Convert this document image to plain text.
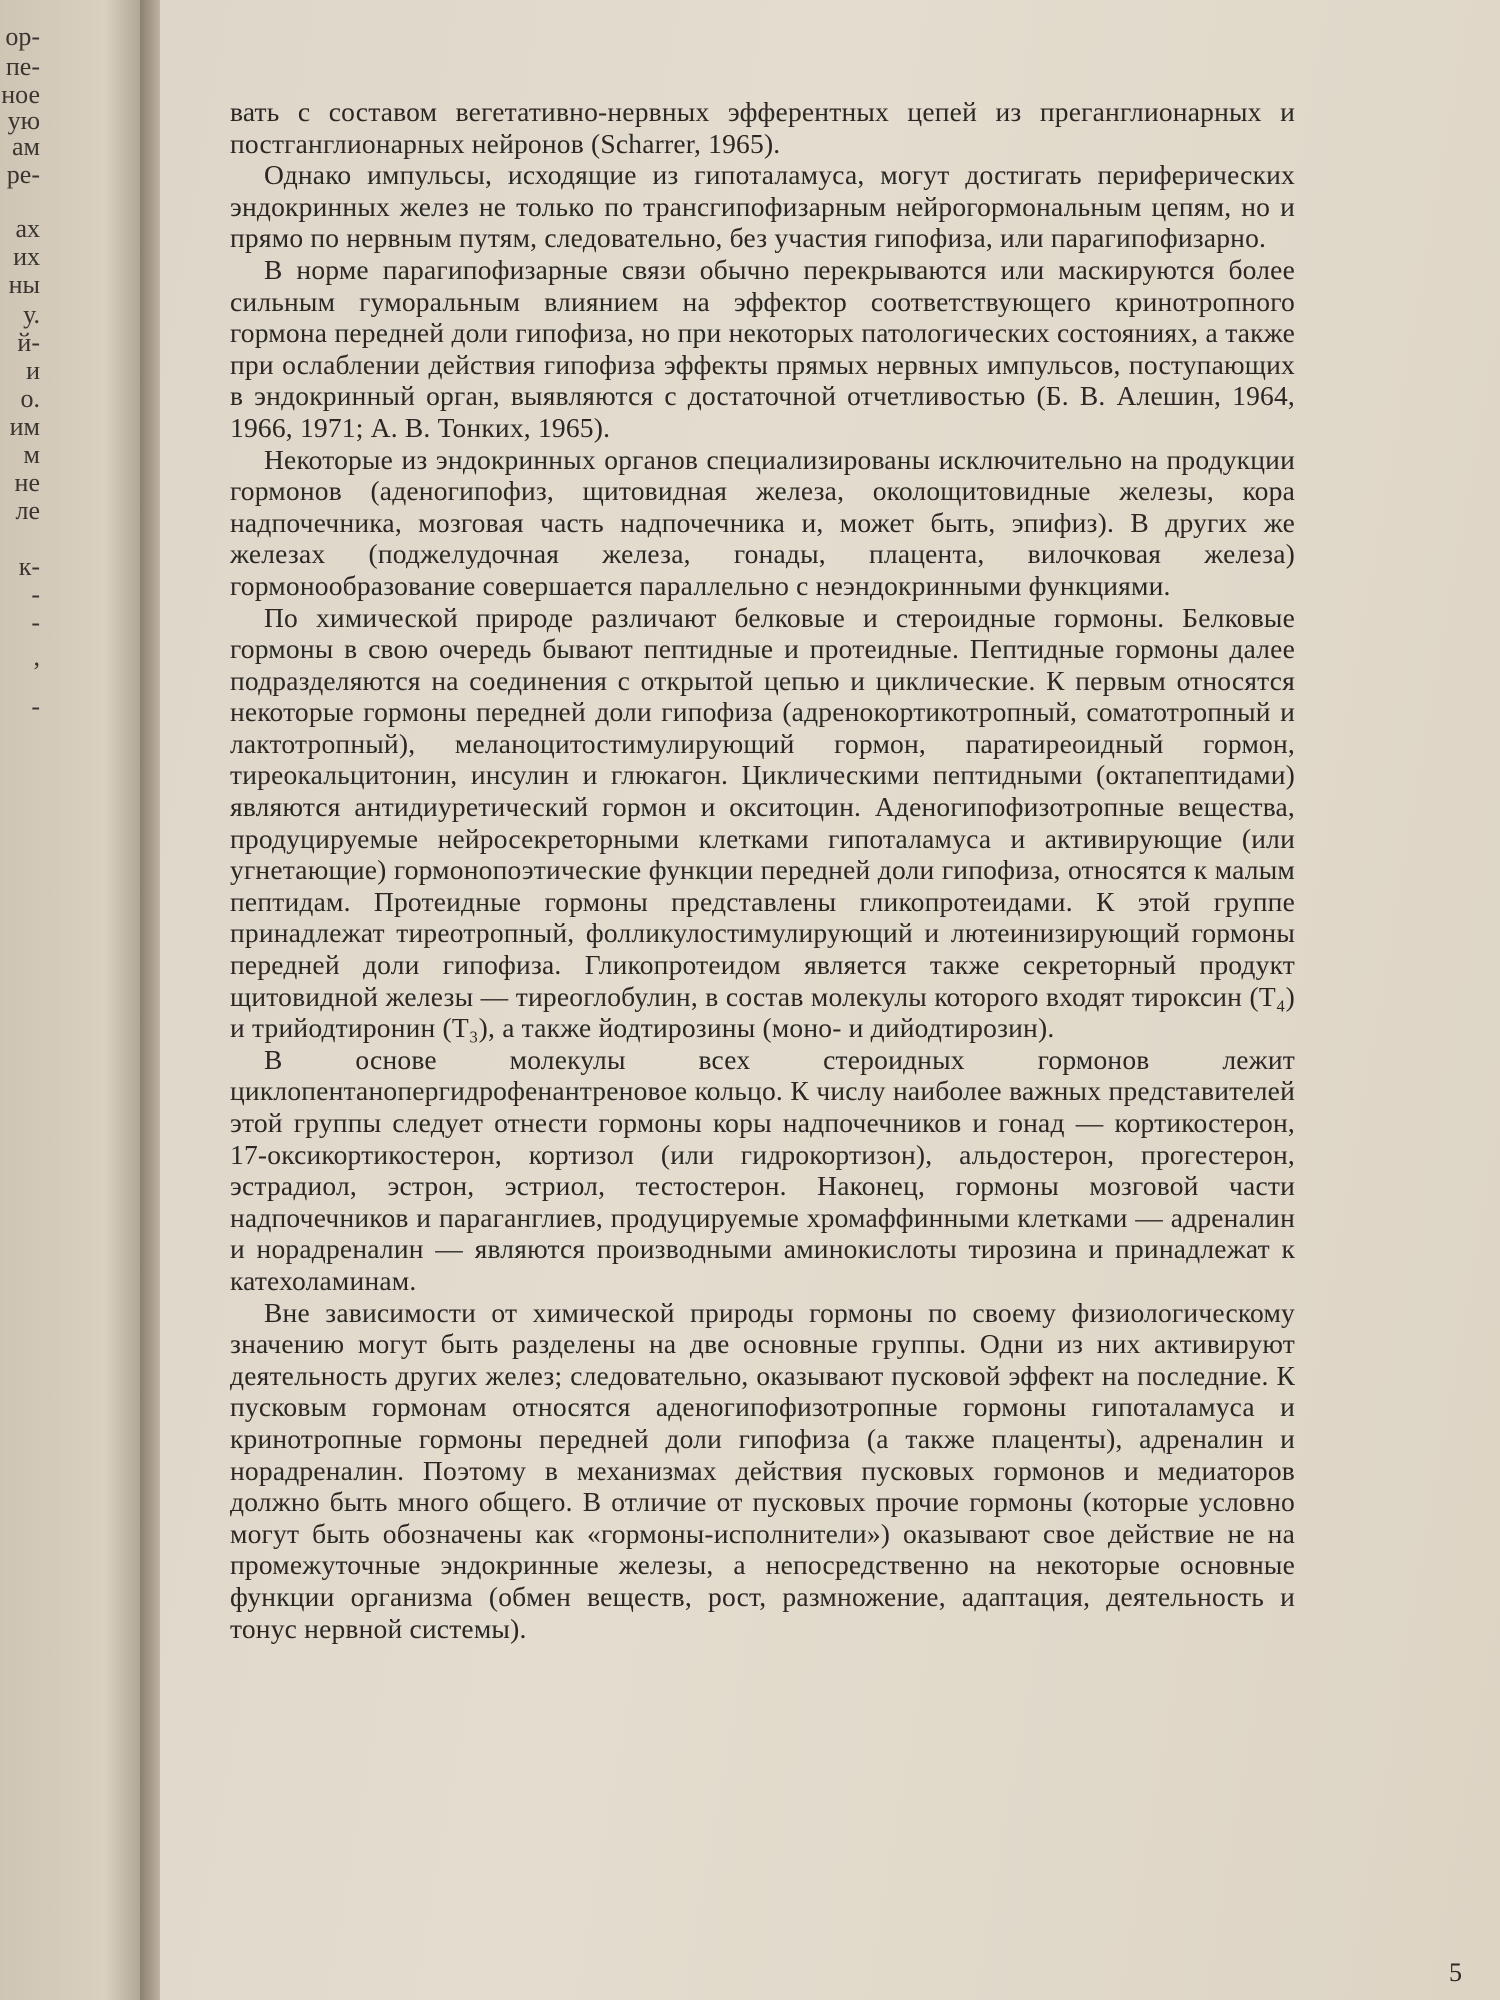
ор-
пе-
ное
ую
ам
ре-
ах
их
ны
у.
й-
и
о.
им
м
не
ле
к-
-
-
,
-

вать с составом вегетативно-нервных эфферентных цепей из преганглионарных и постганглионарных нейронов (Scharrer, 1965).

Однако импульсы, исходящие из гипоталамуса, могут достигать периферических эндокринных желез не только по трансгипофизарным нейрогормональным цепям, но и прямо по нервным путям, следовательно, без участия гипофиза, или парагипофизарно.

В норме парагипофизарные связи обычно перекрываются или маскируются более сильным гуморальным влиянием на эффектор соответствующего кринотропного гормона передней доли гипофиза, но при некоторых патологических состояниях, а также при ослаблении действия гипофиза эффекты прямых нервных импульсов, поступающих в эндокринный орган, выявляются с достаточной отчетливостью (Б. В. Алешин, 1964, 1966, 1971; А. В. Тонких, 1965).

Некоторые из эндокринных органов специализированы исключительно на продукции гормонов (аденогипофиз, щитовидная железа, околощитовидные железы, кора надпочечника, мозговая часть надпочечника и, может быть, эпифиз). В других же железах (поджелудочная железа, гонады, плацента, вилочковая железа) гормонообразование совершается параллельно с неэндокринными функциями.

По химической природе различают белковые и стероидные гормоны. Белковые гормоны в свою очередь бывают пептидные и протеидные. Пептидные гормоны далее подразделяются на соединения с открытой цепью и циклические. К первым относятся некоторые гормоны передней доли гипофиза (адренокортикотропный, соматотропный и лактотропный), меланоцитостимулирующий гормон, паратиреоидный гормон, тиреокальцитонин, инсулин и глюкагон. Циклическими пептидными (октапептидами) являются антидиуретический гормон и окситоцин. Аденогипофизотропные вещества, продуцируемые нейросекреторными клетками гипоталамуса и активирующие (или угнетающие) гормонопоэтические функции передней доли гипофиза, относятся к малым пептидам. Протеидные гормоны представлены гликопротеидами. К этой группе принадлежат тиреотропный, фолликулостимулирующий и лютеинизирующий гормоны передней доли гипофиза. Гликопротеидом является также секреторный продукт щитовидной железы — тиреоглобулин, в состав молекулы которого входят тироксин (T₄) и трийодтиронин (T₃), а также йодтирозины (моно- и дийодтирозин).

В основе молекулы всех стероидных гормонов лежит циклопентанопергидрофенантреновое кольцо. К числу наиболее важных представителей этой группы следует отнести гормоны коры надпочечников и гонад — кортикостерон, 17-оксикортикостерон, кортизол (или гидрокортизон), альдостерон, прогестерон, эстрадиол, эстрон, эстриол, тестостерон. Наконец, гормоны мозговой части надпочечников и параганглиев, продуцируемые хромаффинными клетками — адреналин и норадреналин — являются производными аминокислоты тирозина и принадлежат к катехоламинам.

Вне зависимости от химической природы гормоны по своему физиологическому значению могут быть разделены на две основные группы. Одни из них активируют деятельность других желез; следовательно, оказывают пусковой эффект на последние. К пусковым гормонам относятся аденогипофизотропные гормоны гипоталамуса и кринотропные гормоны передней доли гипофиза (а также плаценты), адреналин и норадреналин. Поэтому в механизмах действия пусковых гормонов и медиаторов должно быть много общего. В отличие от пусковых прочие гормоны (которые условно могут быть обозначены как «гормоны-исполнители») оказывают свое действие не на промежуточные эндокринные железы, а непосредственно на некоторые основные функции организма (обмен веществ, рост, размножение, адаптация, деятельность и тонус нервной системы).

5
